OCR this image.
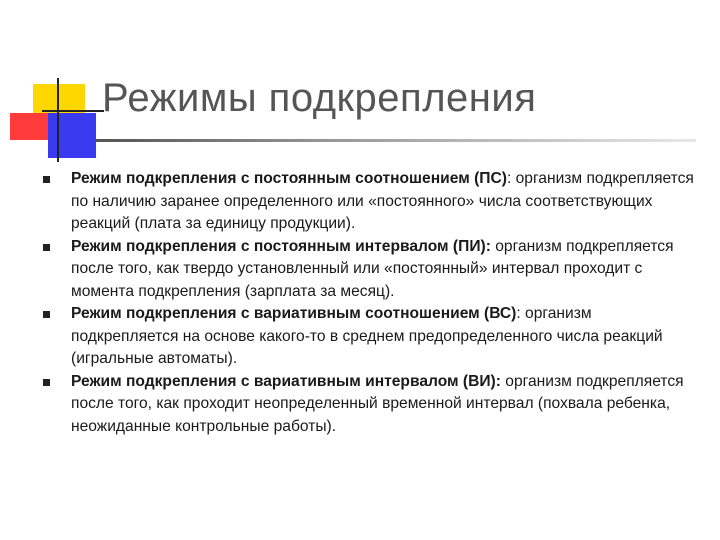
Режимы подкрепления
Режим подкрепления с постоянным соотношением (ПС): организм подкрепляется по наличию заранее определенного или «постоянного» числа соответствующих реакций (плата за единицу продукции).
Режим подкрепления с постоянным интервалом (ПИ): организм подкрепляется после того, как твердо установленный или «постоянный» интервал проходит с момента подкрепления (зарплата за месяц).
Режим подкрепления с вариативным соотношением (ВС): организм подкрепляется на основе какого-то в среднем предопределенного числа реакций (игральные автоматы).
Режим подкрепления с вариативным интервалом (ВИ): организм подкрепляется после того, как проходит неопределенный временной интервал (похвала ребенка, неожиданные контрольные работы).
